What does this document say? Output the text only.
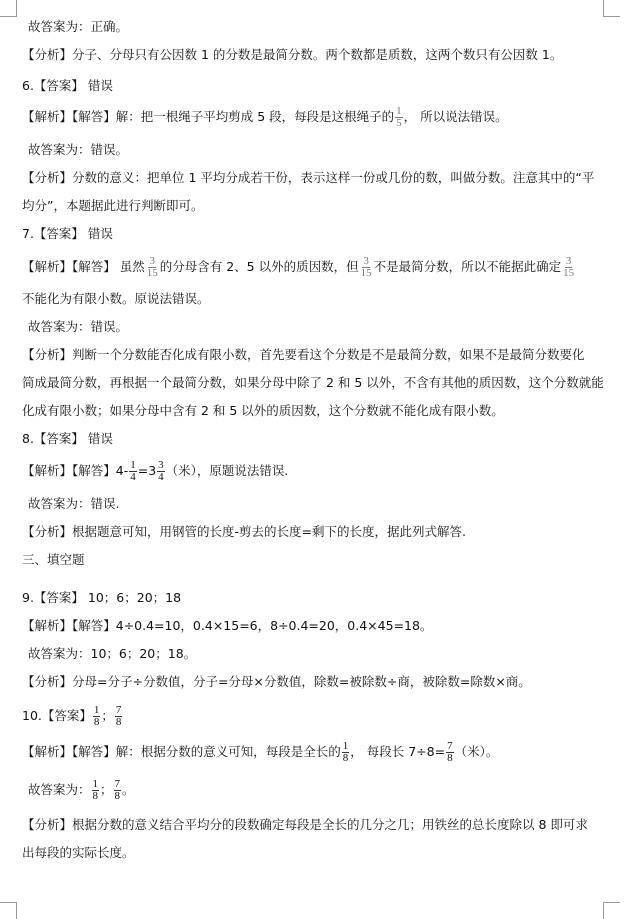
故答案为：正确。
【分析】分子、分母只有公因数 1 的分数是最简分数。两个数都是质数，这两个数只有公因数 1。
6.【答案】 错误
【解析】【解答】解：把一根绳子平均剪成 5 段，每段是这根绳子的 $\frac{1}{5}$ ， 所以说法错误。
故答案为：错误。
【分析】分数的意义：把单位 1 平均分成若干份，表示这样一份或几份的数，叫做分数。注意其中的“平
均分”，本题据此进行判断即可。
7.【答案】 错误
【解析】【解答】 虽然 $\frac{3}{15}$ 的分母含有 2、5 以外的质因数，但 $\frac{3}{15}$ 不是最简分数，所以不能据此确定 $\frac{3}{15}$
不能化为有限小数。原说法错误。
故答案为：错误。
【分析】判断一个分数能否化成有限小数，首先要看这个分数是不是最简分数，如果不是最简分数要化
简成最简分数，再根据一个最简分数，如果分母中除了 2 和 5 以外，不含有其他的质因数，这个分数就能
化成有限小数；如果分母中含有 2 和 5 以外的质因数，这个分数就不能化成有限小数。
8.【答案】 错误
【解析】【解答】$4- \frac{1}{4} =3 \frac{3}{4}$ （米），原题说法错误.
故答案为：错误.
【分析】根据题意可知，用钢管的长度-剪去的长度=剩下的长度，据此列式解答.
三、填空题
9.【答案】 10；6；20；18
【解析】【解答】4÷0.4=10，0.4×15=6，8÷0.4=20，0.4×45=18。
故答案为：10；6；20；18。
【分析】分母=分子÷分数值，分子=分母×分数值，除数=被除数÷商，被除数=除数×商。
10.【答案】 $\frac{1}{8}$ ； $\frac{7}{8}$
【解析】【解答】解：根据分数的意义可知，每段是全长的 $\frac{1}{8}$ ， 每段长 $7\div 8= \frac{7}{8}$ （米）。
故答案为： $\frac{1}{8}$ ； $\frac{7}{8}$ 。
【分析】根据分数的意义结合平均分的段数确定每段是全长的几分之几；用铁丝的总长度除以 8 即可求
出每段的实际长度。
